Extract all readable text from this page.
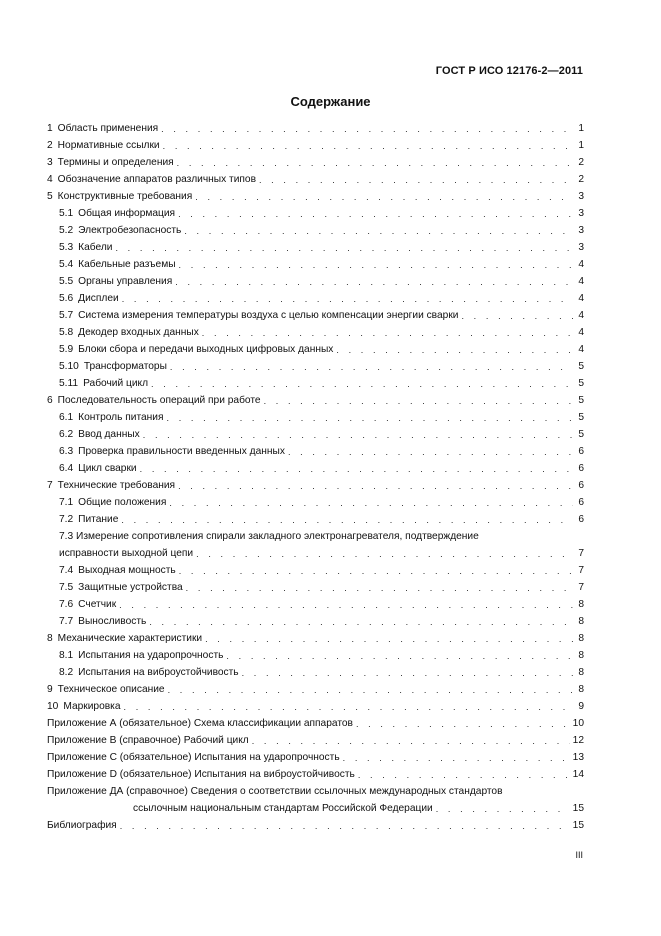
ГОСТ Р ИСО 12176-2—2011
Содержание
1 Область применения . . .	1
2 Нормативные ссылки . . .	1
3 Термины и определения . . .	2
4 Обозначение аппаратов различных типов . . .	2
5 Конструктивные требования . . .	3
5.1 Общая информация . . .	3
5.2 Электробезопасность . . .	3
5.3 Кабели . . .	3
5.4 Кабельные разъемы . . .	4
5.5 Органы управления . . .	4
5.6 Дисплеи . . .	4
5.7 Система измерения температуры воздуха с целью компенсации энергии сварки . . .	4
5.8 Декодер входных данных . . .	4
5.9 Блоки сбора и передачи выходных цифровых данных . . .	4
5.10 Трансформаторы . . .	5
5.11 Рабочий цикл . . .	5
6 Последовательность операций при работе . . .	5
6.1 Контроль питания . . .	5
6.2 Ввод данных . . .	5
6.3 Проверка правильности введенных данных . . .	6
6.4 Цикл сварки . . .	6
7 Технические требования . . .	6
7.1 Общие положения . . .	6
7.2 Питание . . .	6
7.3 Измерение сопротивления спирали закладного электронагревателя, подтверждение
исправности выходной цепи . . .	7
7.4 Выходная мощность . . .	7
7.5 Защитные устройства . . .	7
7.6 Счетчик . . .	8
7.7 Выносливость . . .	8
8 Механические характеристики . . .	8
8.1 Испытания на ударопрочность . . .	8
8.2 Испытания на виброустойчивость . . .	8
9 Техническое описание . . .	8
10 Маркировка . . .	9
Приложение А (обязательное) Схема классификации аппаратов . . .	10
Приложение В (справочное) Рабочий цикл . . .	12
Приложение С (обязательное) Испытания на ударопрочность . . .	13
Приложение D (обязательное) Испытания на виброустойчивость . . .	14
Приложение ДА (справочное) Сведения о соответствии ссылочных международных стандартов
ссылочным национальным стандартам Российской Федерации . . .	15
Библиография . . .	15
III
